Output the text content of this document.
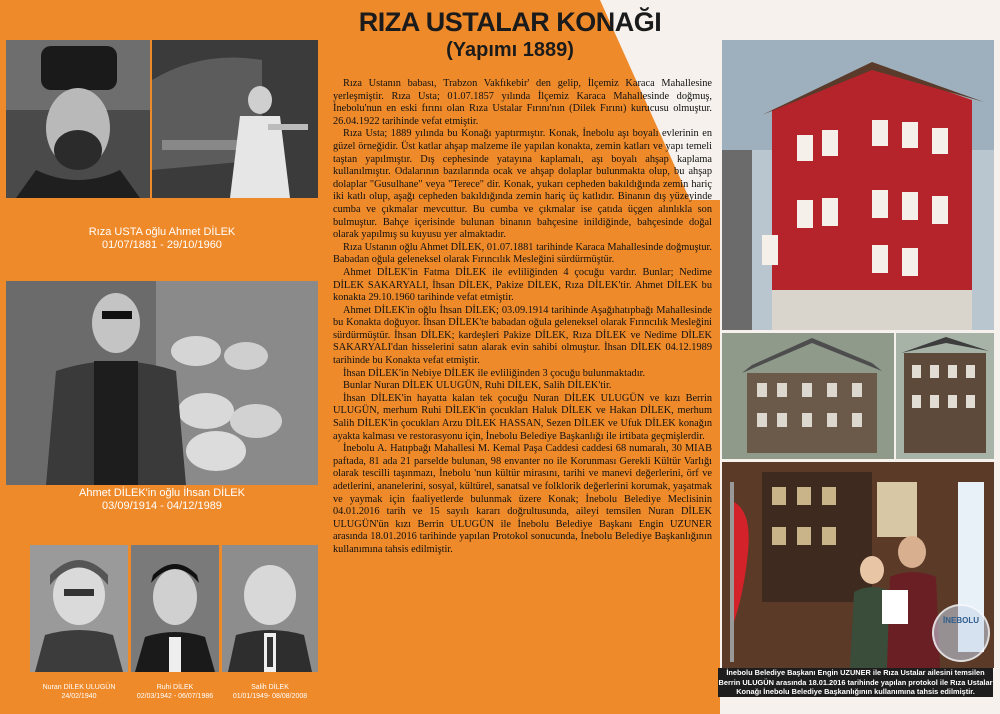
RIZA USTALAR KONAĞI
(Yapımı 1889)
Rıza USTA oğlu Ahmet DİLEK
01/07/1881 - 29/10/1960
Ahmet DİLEK'in oğlu İhsan DİLEK
03/09/1914 - 04/12/1989
Nuran DİLEK ULUGÜN
24/02/1940
Ruhi DİLEK
02/03/1942 - 06/07/1986
Salih DİLEK
01/01/1949- 08/08/2008

Rıza Ustanın babası, Trabzon Vakfıkebir' den gelip, İlçemiz Karaca Mahallesine yerleşmiştir. Rıza Usta; 01.07.1857 yılında İlçemiz Karaca Mahallesinde doğmuş, İnebolu'nun en eski fırını olan Rıza Ustalar Fırını'nın (Dilek Fırını) kurucusu olmuştur. 26.04.1922 tarihinde vefat etmiştir.

Rıza Usta; 1889 yılında bu Konağı yaptırmıştır. Konak, İnebolu aşı boyalı evlerinin en güzel örneğidir. Üst katlar ahşap malzeme ile yapılan konakta, zemin katları ve yapı temeli taştan yapılmıştır. Dış cephesinde yatayına kaplamalı, aşı boyalı ahşap kaplama kullanılmıştır. Odalarının bazılarında ocak ve ahşap dolaplar bulunmakta olup, bu ahşap dolaplar "Gusulhane" veya "Terece" dir. Konak, yukarı cepheden bakıldığında zemin hariç iki katlı olup, aşağı cepheden bakıldığında zemin hariç üç katlıdır. Binanın dış yüzeyinde cumba ve çıkmalar mevcuttur. Bu cumba ve çıkmalar ise çatıda üçgen alınlıkla son bulmuştur. Bahçe içerisinde bulunan binanın bahçesine inildiğinde, bahçesinde doğal olarak yapılmış su kuyusu yer almaktadır.

Rıza Ustanın oğlu Ahmet DİLEK, 01.07.1881 tarihinde Karaca Mahallesinde doğmuştur. Babadan oğula geleneksel olarak Fırıncılık Mesleğini sürdürmüştür.

Ahmet DİLEK'in Fatma DİLEK ile evliliğinden 4 çocuğu vardır. Bunlar; Nedime DİLEK SAKARYALI, İhsan DİLEK, Pakize DİLEK, Rıza DİLEK'tir. Ahmet DİLEK bu konakta 29.10.1960 tarihinde vefat etmiştir.

Ahmet DİLEK'in oğlu İhsan DİLEK; 03.09.1914 tarihinde Aşağıhatıpbağı Mahallesinde bu Konakta doğuyor. İhsan DİLEK'te babadan oğula geleneksel olarak Fırıncılık Mesleğini sürdürmüştür. İhsan DİLEK; kardeşleri Pakize DİLEK, Rıza DİLEK ve Nedime DİLEK SAKARYALI'dan hisselerini satın alarak evin sahibi olmuştur. İhsan DİLEK 04.12.1989 tarihinde bu Konakta vefat etmiştir.

İhsan DİLEK'in Nebiye DİLEK ile evliliğinden 3 çocuğu bulunmaktadır.

Bunlar Nuran DİLEK ULUGÜN, Ruhi DİLEK, Salih DİLEK'tir.

İhsan DİLEK'in hayatta kalan tek çocuğu Nuran DİLEK ULUGÜN ve kızı Berrin ULUGÜN, merhum Ruhi DİLEK'in çocukları Haluk DİLEK ve Hakan DİLEK, merhum Salih DİLEK'in çocukları Arzu DİLEK HASSAN, Sezen DİLEK ve Ufuk DİLEK konağın ayakta kalması ve restorasyonu için, İnebolu Belediye Başkanlığı ile irtibata geçmişlerdir.

İnebolu A. Hatıpbağı Mahallesi M. Kemal Paşa Caddesi caddesi 68 numaralı, 30 MIAB paftada, 81 ada 21 parselde bulunan, 98 envanter no ile Korunması Gerekli Kültür Varlığı olarak tescilli taşınmazı, İnebolu 'nun kültür mirasını, tarihi ve manevi değerlerini, örf ve adetlerini, ananelerini, sosyal, kültürel, sanatsal ve folklorik değerlerini korumak, yaşatmak ve yaymak için faaliyetlerde bulunmak üzere Konak; İnebolu Belediye Meclisinin 04.01.2016 tarih ve 15 sayılı kararı doğrultusunda, aileyi temsilen Nuran DİLEK ULUGÜN'ün kızı Berrin ULUGÜN ile İnebolu Belediye Başkanı Engin UZUNER arasında 18.01.2016 tarihinde yapılan Protokol sonucunda, İnebolu Belediye Başkanlığının kullanımına tahsis edilmiştir.

İNEBOLU
İnebolu Belediye Başkanı Engin UZUNER ile Rıza Ustalar ailesini temsilen Berrin ULUGÜN arasında 18.01.2016 tarihinde yapılan protokol ile Rıza Ustalar Konağı İnebolu Belediye Başkanlığının kullanımına tahsis edilmiştir.
